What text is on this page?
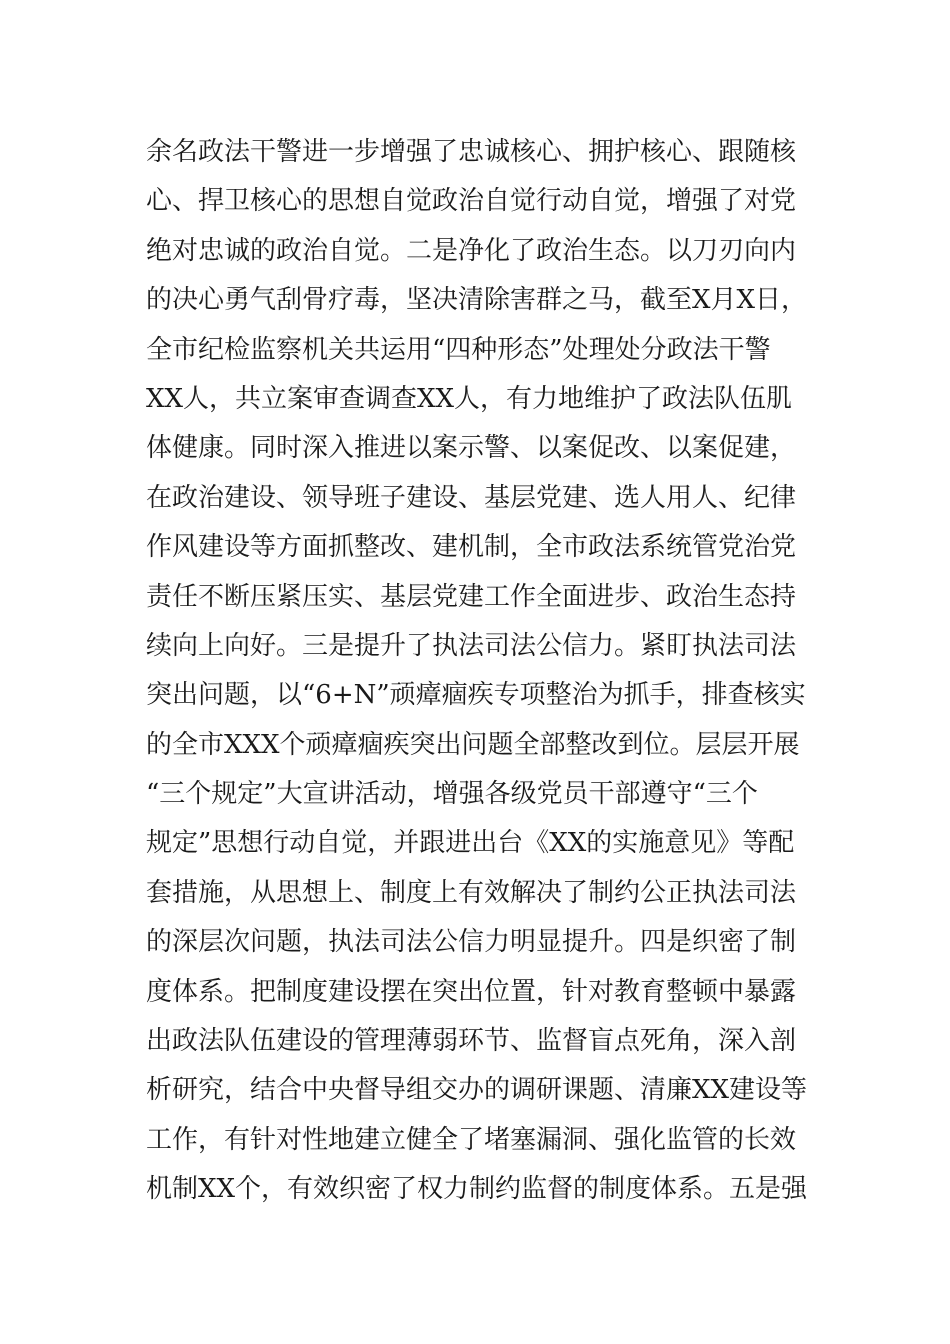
余名政法干警进一步增强了忠诚核心、拥护核心、跟随核
心、捍卫核心的思想自觉政治自觉行动自觉，增强了对党
绝对忠诚的政治自觉。二是净化了政治生态。以刀刃向内
的决心勇气刮骨疗毒，坚决清除害群之马，截至X月X日，
全市纪检监察机关共运用“四种形态”处理处分政法干警
XX人，共立案审查调查XX人，有力地维护了政法队伍肌
体健康。同时深入推进以案示警、以案促改、以案促建，
在政治建设、领导班子建设、基层党建、选人用人、纪律
作风建设等方面抓整改、建机制，全市政法系统管党治党
责任不断压紧压实、基层党建工作全面进步、政治生态持
续向上向好。三是提升了执法司法公信力。紧盯执法司法
突出问题，以“6+N”顽瘴痼疾专项整治为抓手，排查核实
的全市XXX个顽瘴痼疾突出问题全部整改到位。层层开展
“三个规定”大宣讲活动，增强各级党员干部遵守“三个
规定”思想行动自觉，并跟进出台《XX的实施意见》等配
套措施，从思想上、制度上有效解决了制约公正执法司法
的深层次问题，执法司法公信力明显提升。四是织密了制
度体系。把制度建设摆在突出位置，针对教育整顿中暴露
出政法队伍建设的管理薄弱环节、监督盲点死角，深入剖
析研究，结合中央督导组交办的调研课题、清廉XX建设等
工作，有针对性地建立健全了堵塞漏洞、强化监管的长效
机制XX个，有效织密了权力制约监督的制度体系。五是强
